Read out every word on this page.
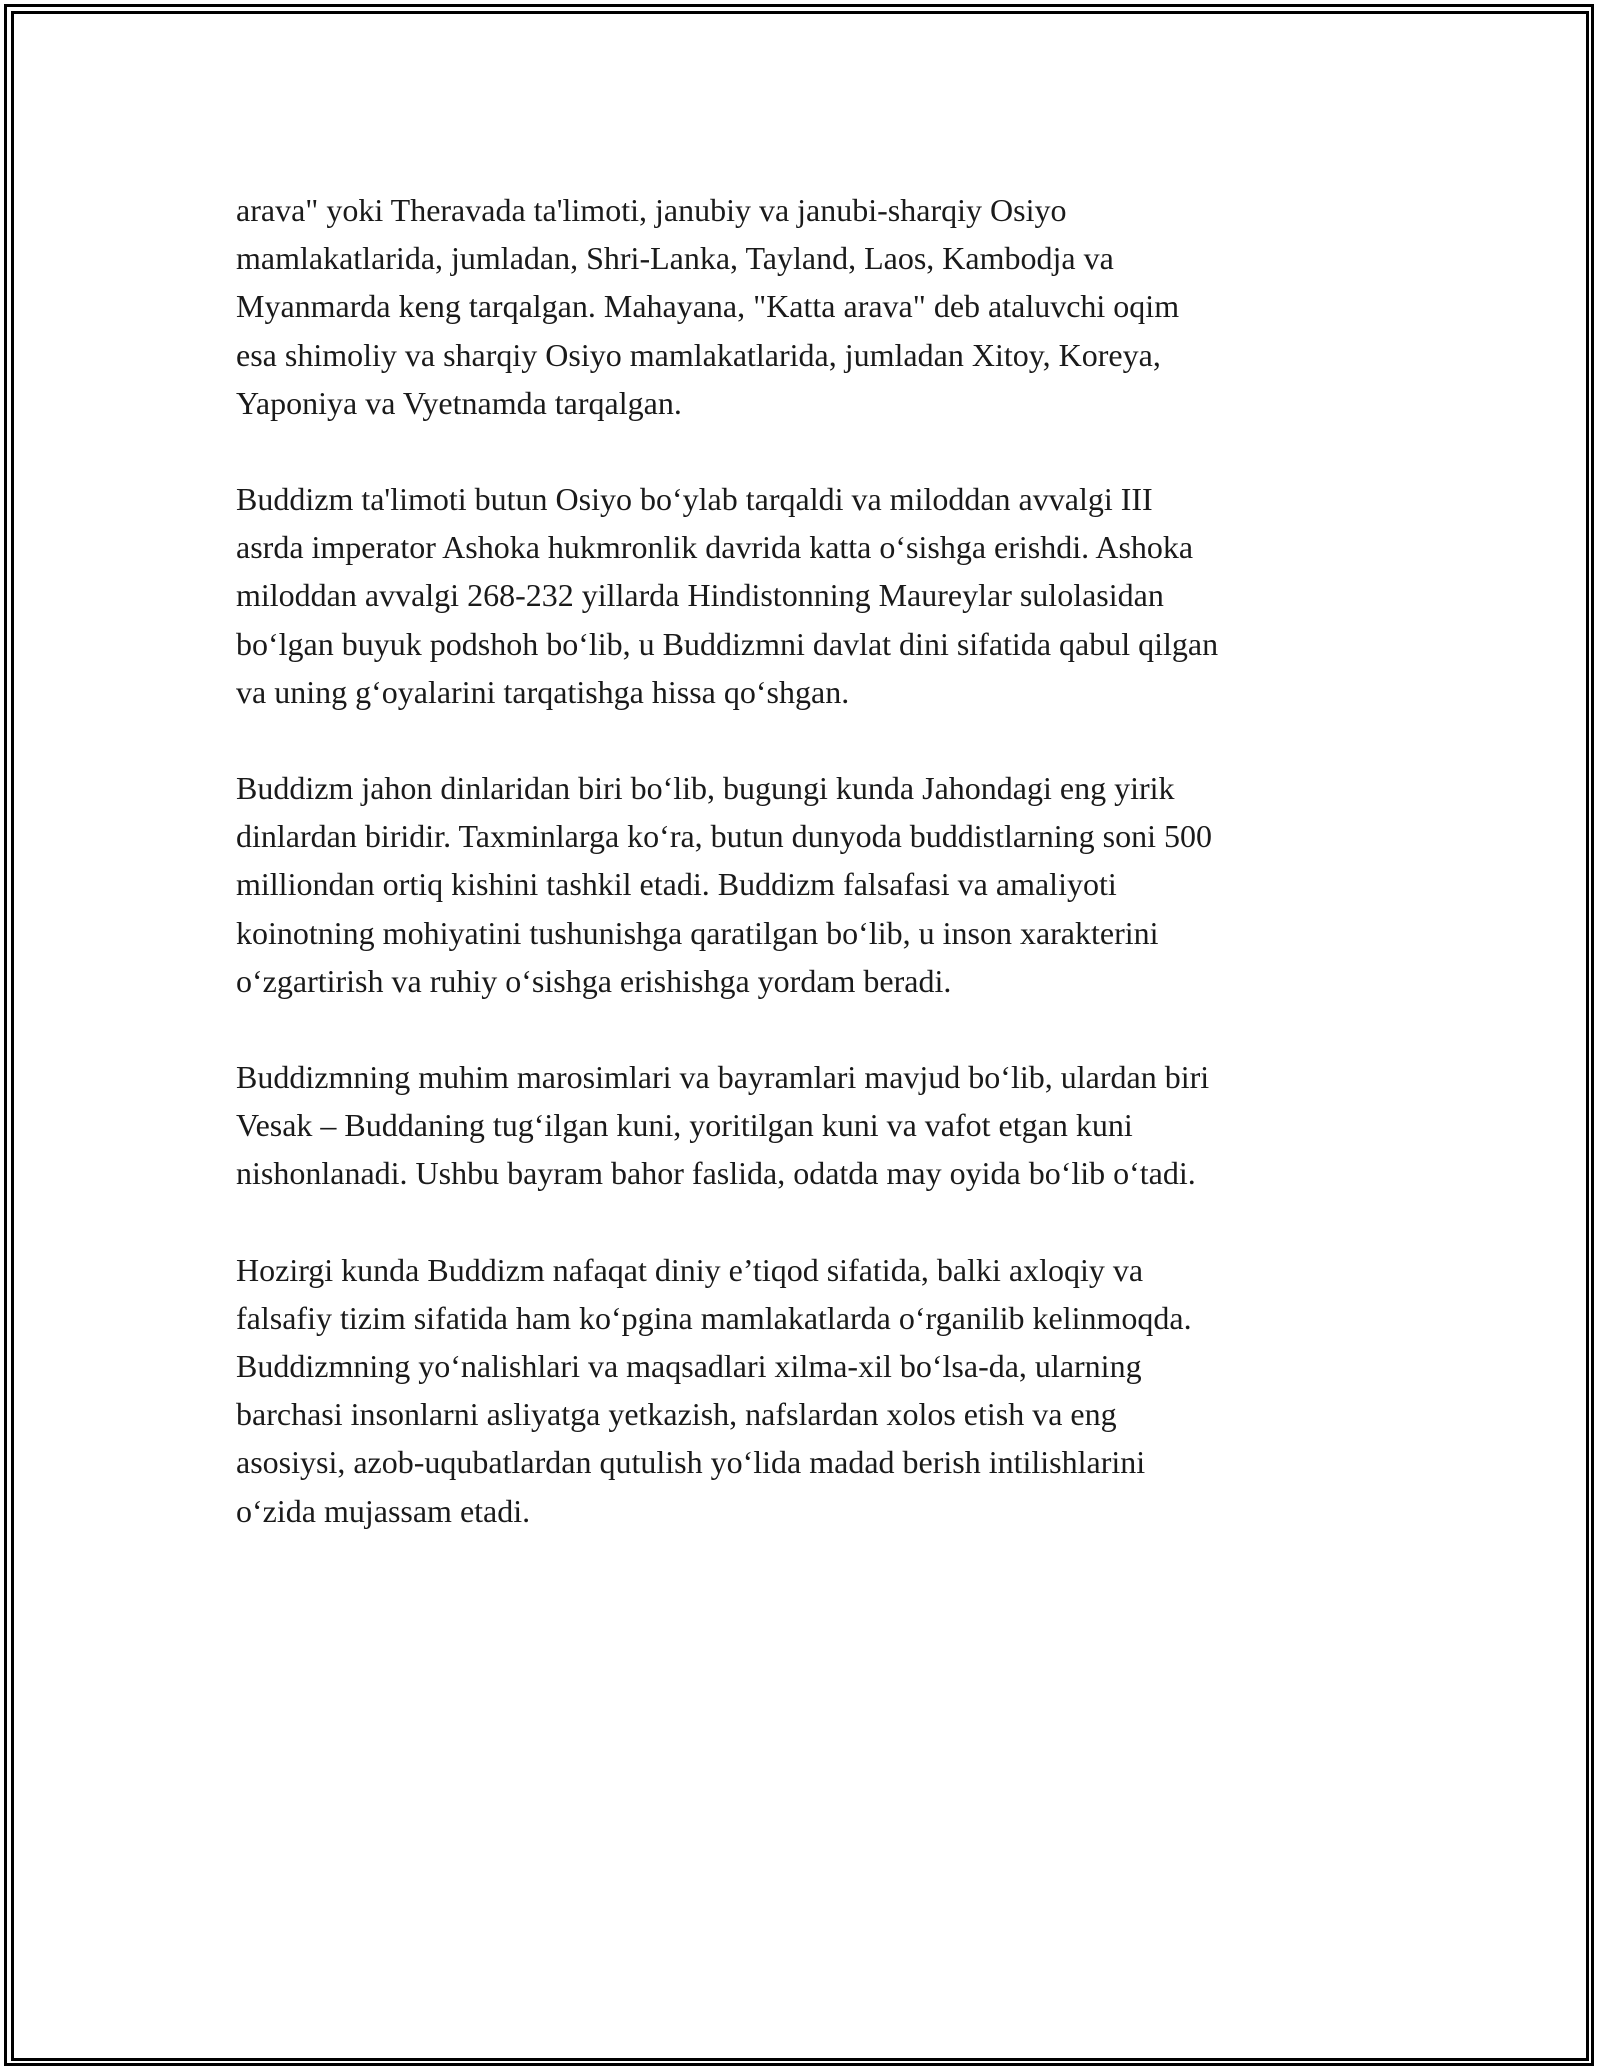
arava" yoki Theravada ta'limoti, janubiy va janubi-sharqiy Osiyo
mamlakatlarida, jumladan, Shri-Lanka, Tayland, Laos, Kambodja va
Myanmarda keng tarqalgan. Mahayana, "Katta arava" deb ataluvchi oqim
esa shimoliy va sharqiy Osiyo mamlakatlarida, jumladan Xitoy, Koreya,
Yaponiya va Vyetnamda tarqalgan.

Buddizm ta'limoti butun Osiyo bo‘ylab tarqaldi va miloddan avvalgi III
asrda imperator Ashoka hukmronlik davrida katta o‘sishga erishdi. Ashoka
miloddan avvalgi 268-232 yillarda Hindistonning Maureylar sulolasidan
bo‘lgan buyuk podshoh bo‘lib, u Buddizmni davlat dini sifatida qabul qilgan
va uning g‘oyalarini tarqatishga hissa qo‘shgan.

Buddizm jahon dinlaridan biri bo‘lib, bugungi kunda Jahondagi eng yirik
dinlardan biridir. Taxminlarga ko‘ra, butun dunyoda buddistlarning soni 500
milliondan ortiq kishini tashkil etadi. Buddizm falsafasi va amaliyoti
koinotning mohiyatini tushunishga qaratilgan bo‘lib, u inson xarakterini
o‘zgartirish va ruhiy o‘sishga erishishga yordam beradi.

Buddizmning muhim marosimlari va bayramlari mavjud bo‘lib, ulardan biri
Vesak – Buddaning tug‘ilgan kuni, yoritilgan kuni va vafot etgan kuni
nishonlanadi. Ushbu bayram bahor faslida, odatda may oyida bo‘lib o‘tadi.

Hozirgi kunda Buddizm nafaqat diniy e’tiqod sifatida, balki axloqiy va
falsafiy tizim sifatida ham ko‘pgina mamlakatlarda o‘rganilib kelinmoqda.
Buddizmning yo‘nalishlari va maqsadlari xilma-xil bo‘lsa-da, ularning
barchasi insonlarni asliyatga yetkazish, nafslardan xolos etish va eng
asosiysi, azob-uqubatlardan qutulish yo‘lida madad berish intilishlarini
o‘zida mujassam etadi.
